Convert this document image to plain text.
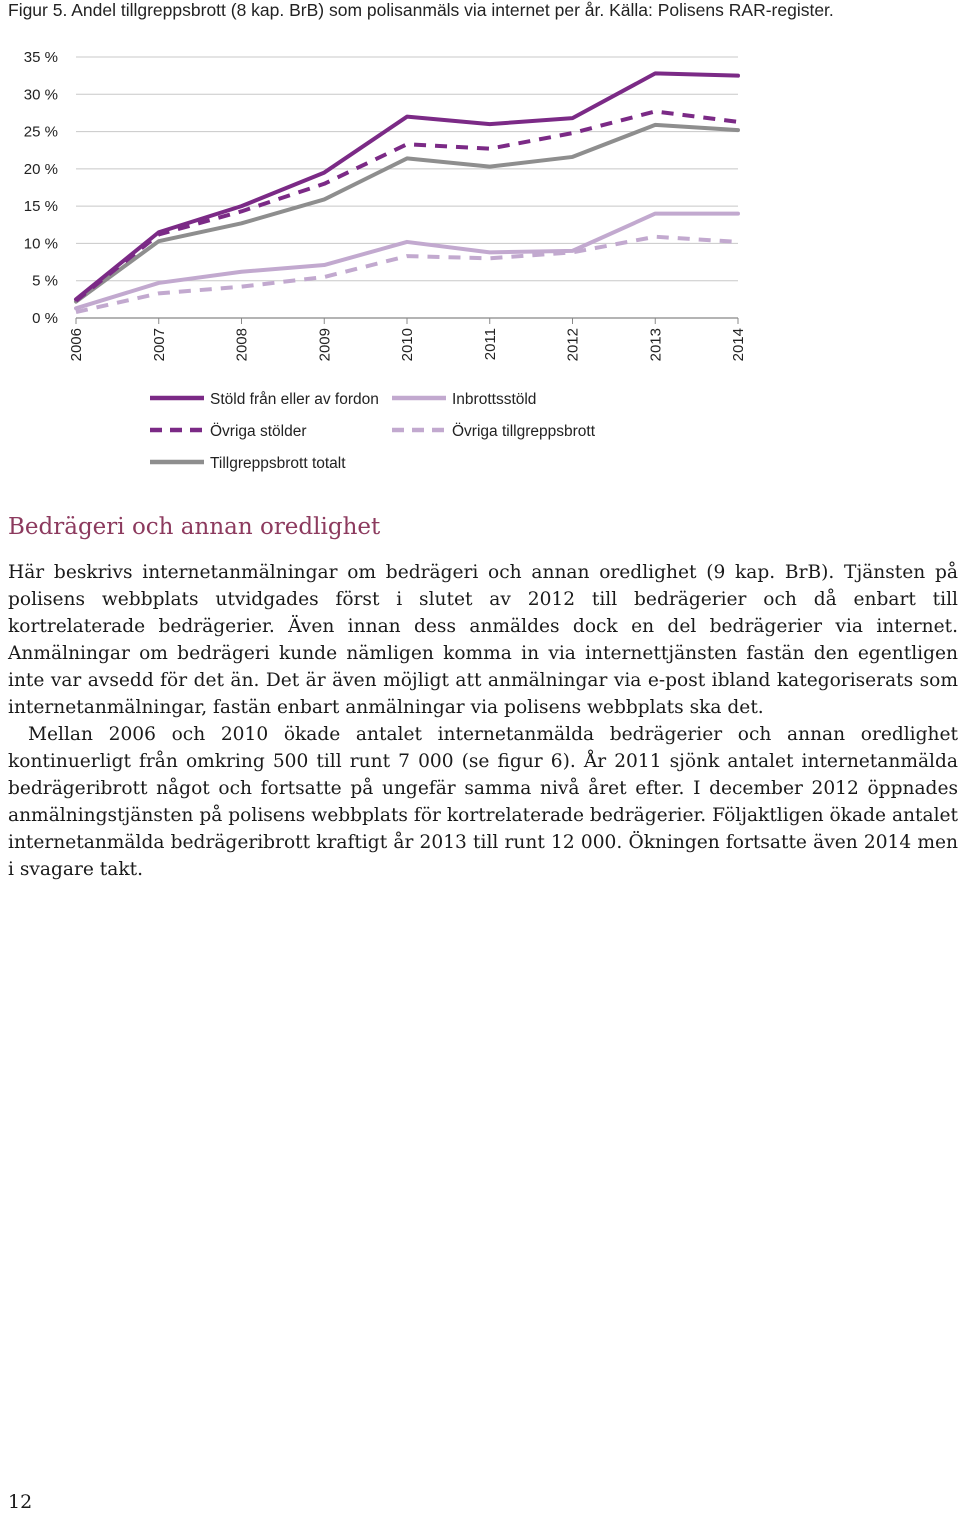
Figur 5. Andel tillgreppsbrott (8 kap. BrB) som polisanmäls via internet per år. Källa: Polisens RAR-register.
0 %
5 %
10 %
15 %
20 %
25 %
30 %
35 %
2006	2007	2008	2009	2010	2011	2012	2013	2014
Stöld från eller av fordon	Inbrottsstöld
Övriga stölder	Övriga tillgreppsbrott
Tillgreppsbrott totalt
Bedrägeri och annan oredlighet

Här beskrivs internetanmälningar om bedrägeri och annan oredlighet (9 kap. BrB). Tjänsten på polisens webbplats utvidgades först i slutet av 2012 till bedrägerier och då enbart till kortrelaterade bedrägerier. Även innan dess anmäldes dock en del bedrägerier via internet. Anmälningar om bedrägeri kunde nämligen komma in via internettjänsten fastän den egentligen inte var avsedd för det än. Det är även möjligt att anmälningar via e-post ibland kategoriserats som internetanmälningar, fastän enbart anmälningar via polisens webbplats ska det.

Mellan 2006 och 2010 ökade antalet internetanmälda bedrägerier och annan oredlighet kontinuerligt från omkring 500 till runt 7 000 (se figur 6). År 2011 sjönk antalet internetanmälda bedrägeribrott något och fortsatte på ungefär samma nivå året efter. I december 2012 öppnades anmälningstjänsten på polisens webbplats för kortrelaterade bedrägerier. Följaktligen ökade antalet internetanmälda bedrägeribrott kraftigt år 2013 till runt 12 000. Ökningen fortsatte även 2014 men i svagare takt.

12
